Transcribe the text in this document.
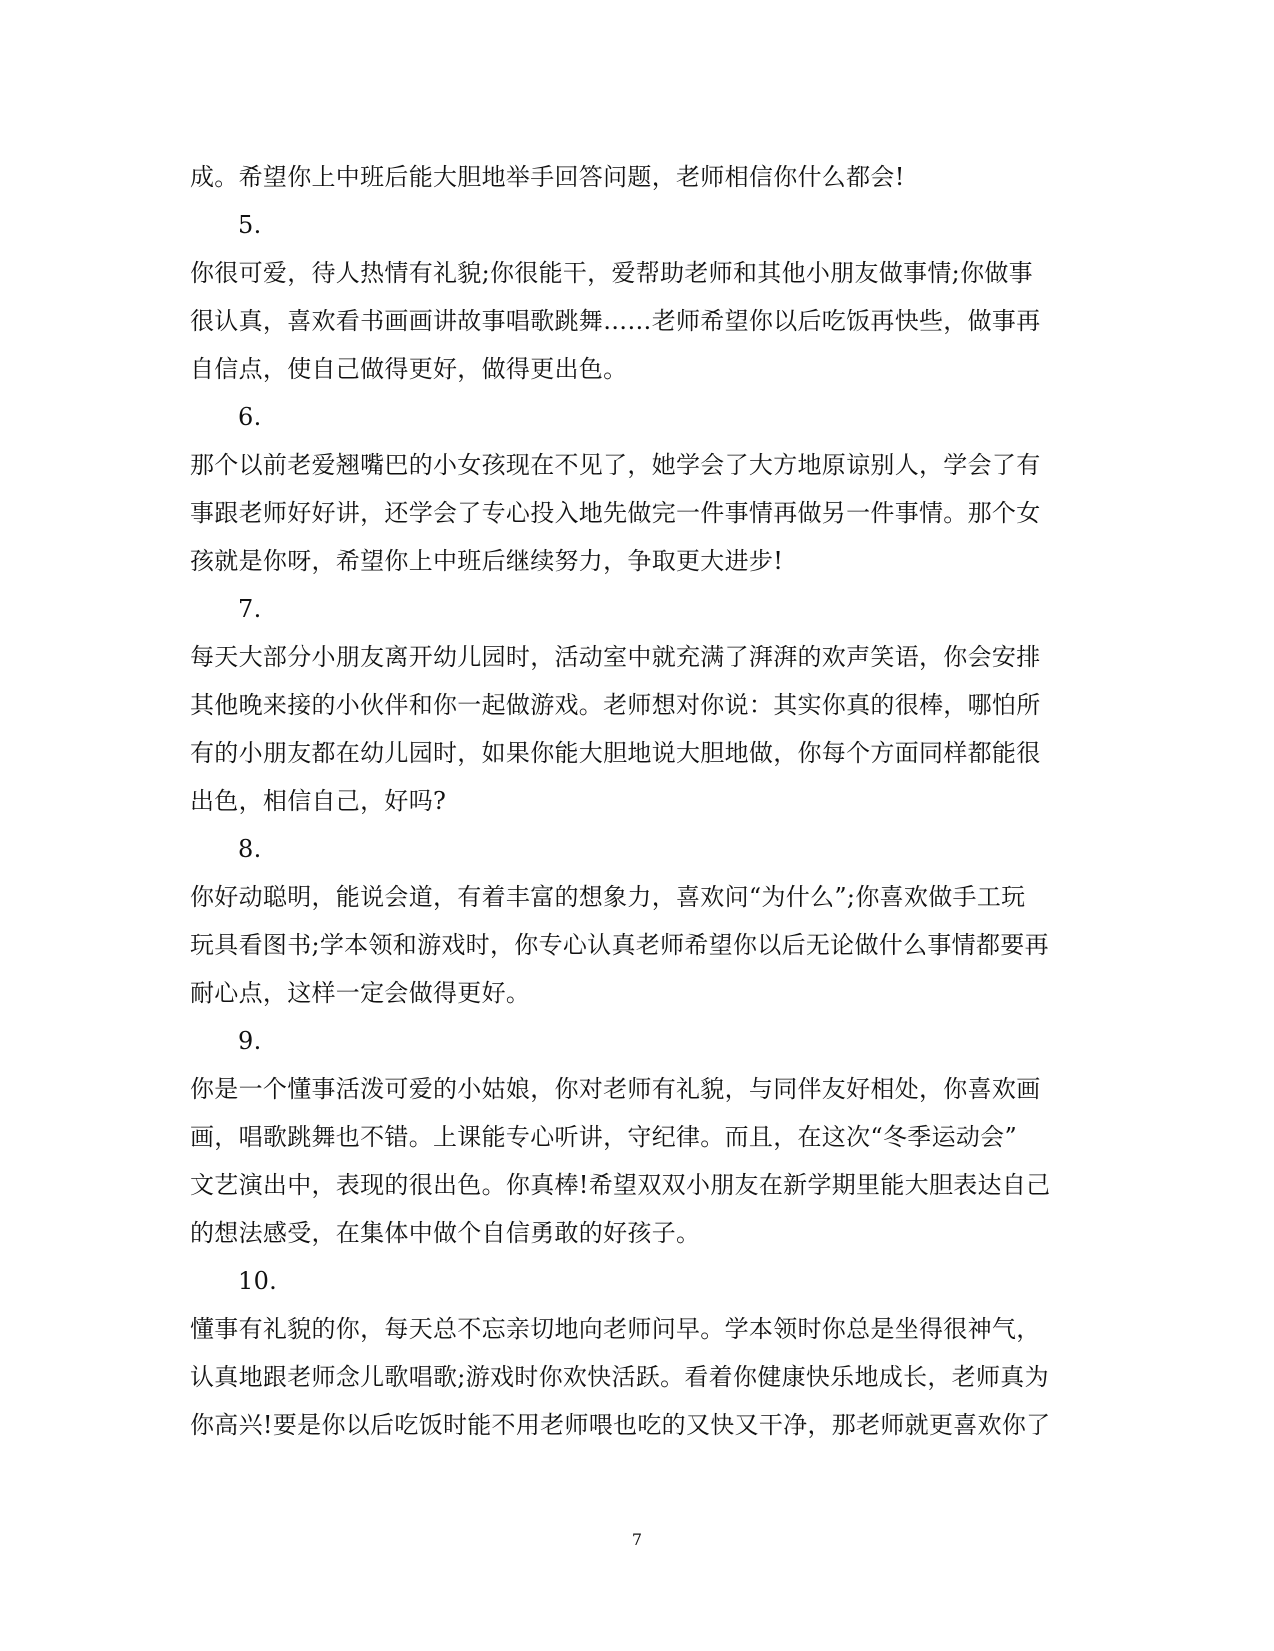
成。希望你上中班后能大胆地举手回答问题，老师相信你什么都会!
5.
你很可爱，待人热情有礼貌;你很能干，爱帮助老师和其他小朋友做事情;你做事
很认真，喜欢看书画画讲故事唱歌跳舞……老师希望你以后吃饭再快些，做事再
自信点，使自己做得更好，做得更出色。
6.
那个以前老爱翘嘴巴的小女孩现在不见了，她学会了大方地原谅别人，学会了有
事跟老师好好讲，还学会了专心投入地先做完一件事情再做另一件事情。那个女
孩就是你呀，希望你上中班后继续努力，争取更大进步!
7.
每天大部分小朋友离开幼儿园时，活动室中就充满了湃湃的欢声笑语，你会安排
其他晚来接的小伙伴和你一起做游戏。老师想对你说：其实你真的很棒，哪怕所
有的小朋友都在幼儿园时，如果你能大胆地说大胆地做，你每个方面同样都能很
出色，相信自己，好吗?
8.
你好动聪明，能说会道，有着丰富的想象力，喜欢问“为什么”;你喜欢做手工玩
玩具看图书;学本领和游戏时，你专心认真老师希望你以后无论做什么事情都要再
耐心点，这样一定会做得更好。
9.
你是一个懂事活泼可爱的小姑娘，你对老师有礼貌，与同伴友好相处，你喜欢画
画，唱歌跳舞也不错。上课能专心听讲，守纪律。而且，在这次“冬季运动会”
文艺演出中，表现的很出色。你真棒!希望双双小朋友在新学期里能大胆表达自己
的想法感受，在集体中做个自信勇敢的好孩子。
10.
懂事有礼貌的你，每天总不忘亲切地向老师问早。学本领时你总是坐得很神气，
认真地跟老师念儿歌唱歌;游戏时你欢快活跃。看着你健康快乐地成长，老师真为
你高兴!要是你以后吃饭时能不用老师喂也吃的又快又干净，那老师就更喜欢你了
7
